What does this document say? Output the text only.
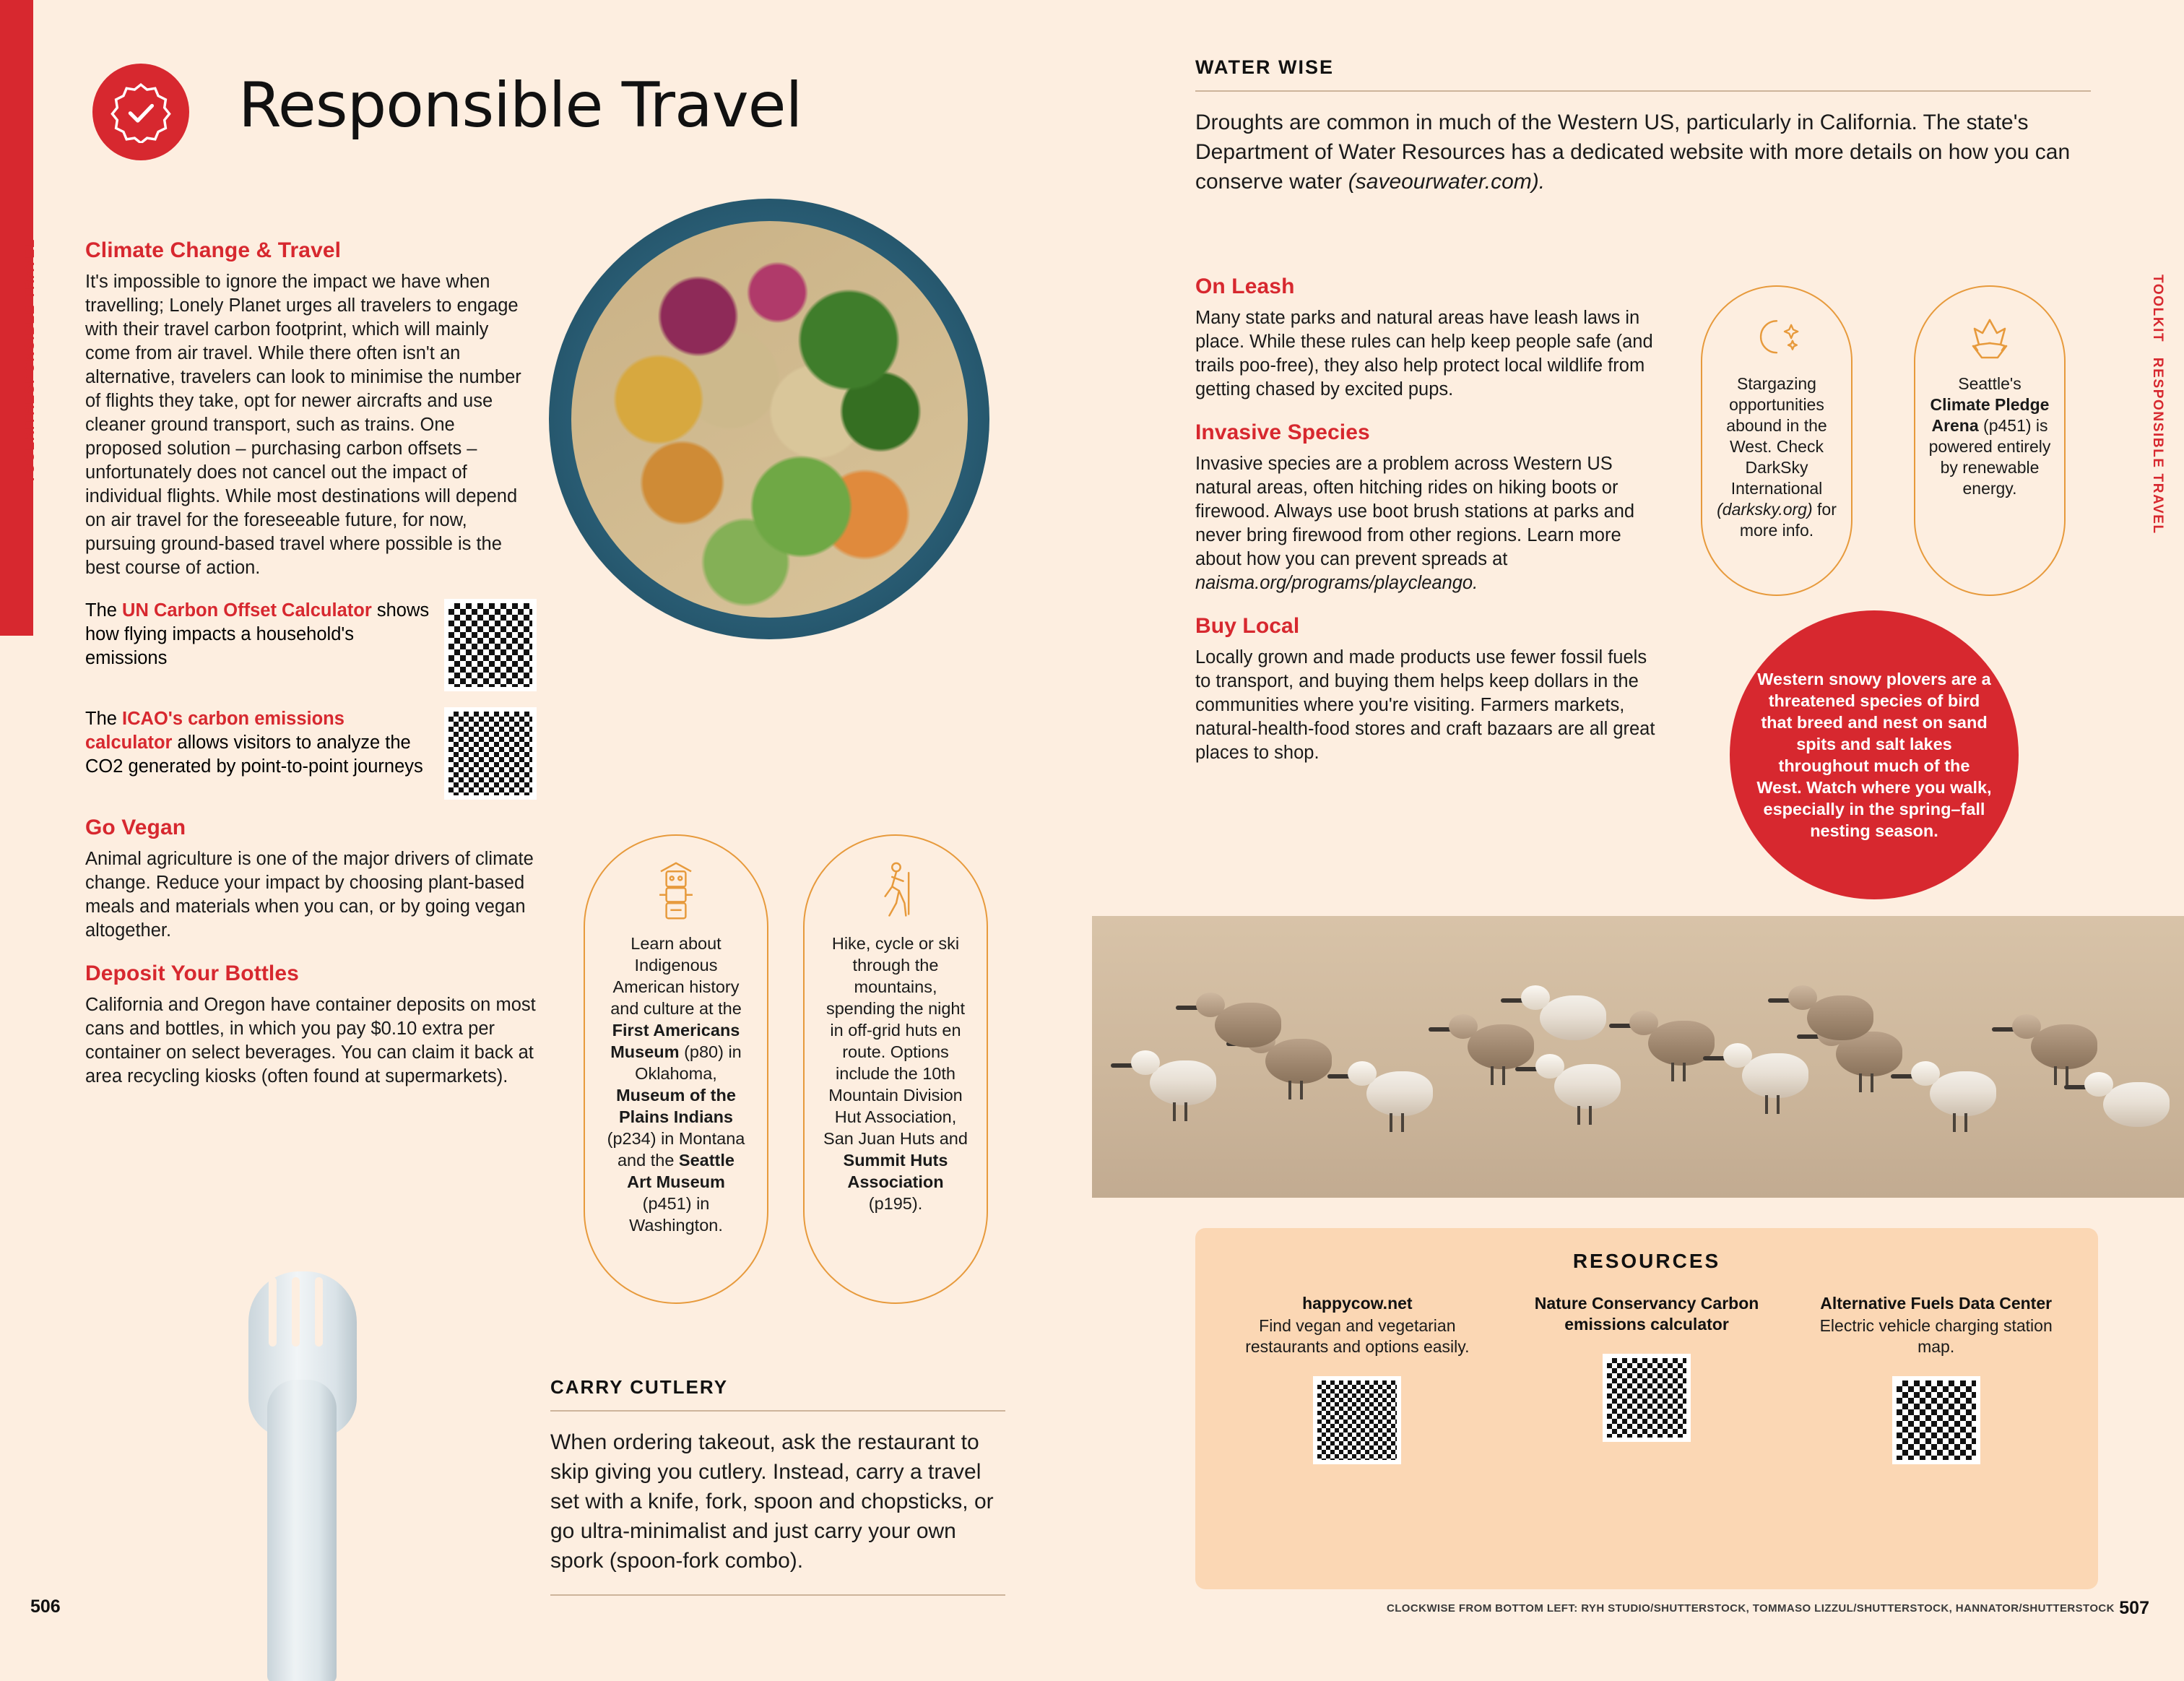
TOOLKITRESPONSIBLE TRAVEL
Responsible Travel
Climate Change & Travel

It's impossible to ignore the impact we have when travelling; Lonely Planet urges all travelers to engage with their travel carbon footprint, which will mainly come from air travel. While there often isn't an alternative, travelers can look to minimise the number of flights they take, opt for newer aircrafts and use cleaner ground transport, such as trains. One proposed solution – purchasing carbon offsets – unfortunately does not cancel out the impact of individual flights. While most destinations will depend on air travel for the foreseeable future, for now, pursuing ground-based travel where possible is the best course of action.

The UN Carbon Offset Calculator shows how flying impacts a household's emissions

The ICAO's carbon emissions calculator allows visitors to analyze the CO2 generated by point-to-point journeys

Go Vegan

Animal agriculture is one of the major drivers of climate change. Reduce your impact by choosing plant-based meals and materials when you can, or by going vegan altogether.

Deposit Your Bottles

California and Oregon have container deposits on most cans and bottles, in which you pay $0.10 extra per container on select beverages. You can claim it back at area recycling kiosks (often found at supermarkets).

Learn about Indigenous American history and culture at the First Americans Museum (p80) in Oklahoma, Museum of the Plains Indians (p234) in Montana and the Seattle Art Museum (p451) in Washington.

Hike, cycle or ski through the mountains, spending the night in off-grid huts en route. Options include the 10th Mountain Division Hut Association, San Juan Huts and Summit Huts Association (p195).

CARRY CUTLERY

When ordering takeout, ask the restaurant to skip giving you cutlery. Instead, carry a travel set with a knife, fork, spoon and chopsticks, or go ultra-minimalist and just carry your own spork (spoon-fork combo).

506
TOOLKIT   RESPONSIBLE TRAVEL
WATER WISE

Droughts are common in much of the Western US, particularly in California. The state's Department of Water Resources has a dedicated website with more details on how you can conserve water (saveourwater.com).

On Leash

Many state parks and natural areas have leash laws in place. While these rules can help keep people safe (and trails poo-free), they also help protect local wildlife from getting chased by excited pups.

Invasive Species

Invasive species are a problem across Western US natural areas, often hitching rides on hiking boots or firewood. Always use boot brush stations at parks and never bring firewood from other regions. Learn more about how you can prevent spreads at naisma.org/programs/playcleango.

Buy Local

Locally grown and made products use fewer fossil fuels to transport, and buying them helps keep dollars in the communities where you're visiting. Farmers markets, natural-health-food stores and craft bazaars are all great places to shop.

Stargazing opportunities abound in the West. Check DarkSky International (darksky.org) for more info.

Seattle's Climate Pledge Arena (p451) is powered entirely by renewable energy.

Western snowy plovers are a threatened species of bird that breed and nest on sand spits and salt lakes throughout much of the West. Watch where you walk, especially in the spring–fall nesting season.

RESOURCES
happycow.net
Find vegan and vegetarian restaurants and options easily.
Nature Conservancy Carbon emissions calculator
Alternative Fuels Data Center
Electric vehicle charging station map.
CLOCKWISE FROM BOTTOM LEFT: RYH STUDIO/SHUTTERSTOCK, TOMMASO LIZZUL/SHUTTERSTOCK, HANNATOR/SHUTTERSTOCK 507
